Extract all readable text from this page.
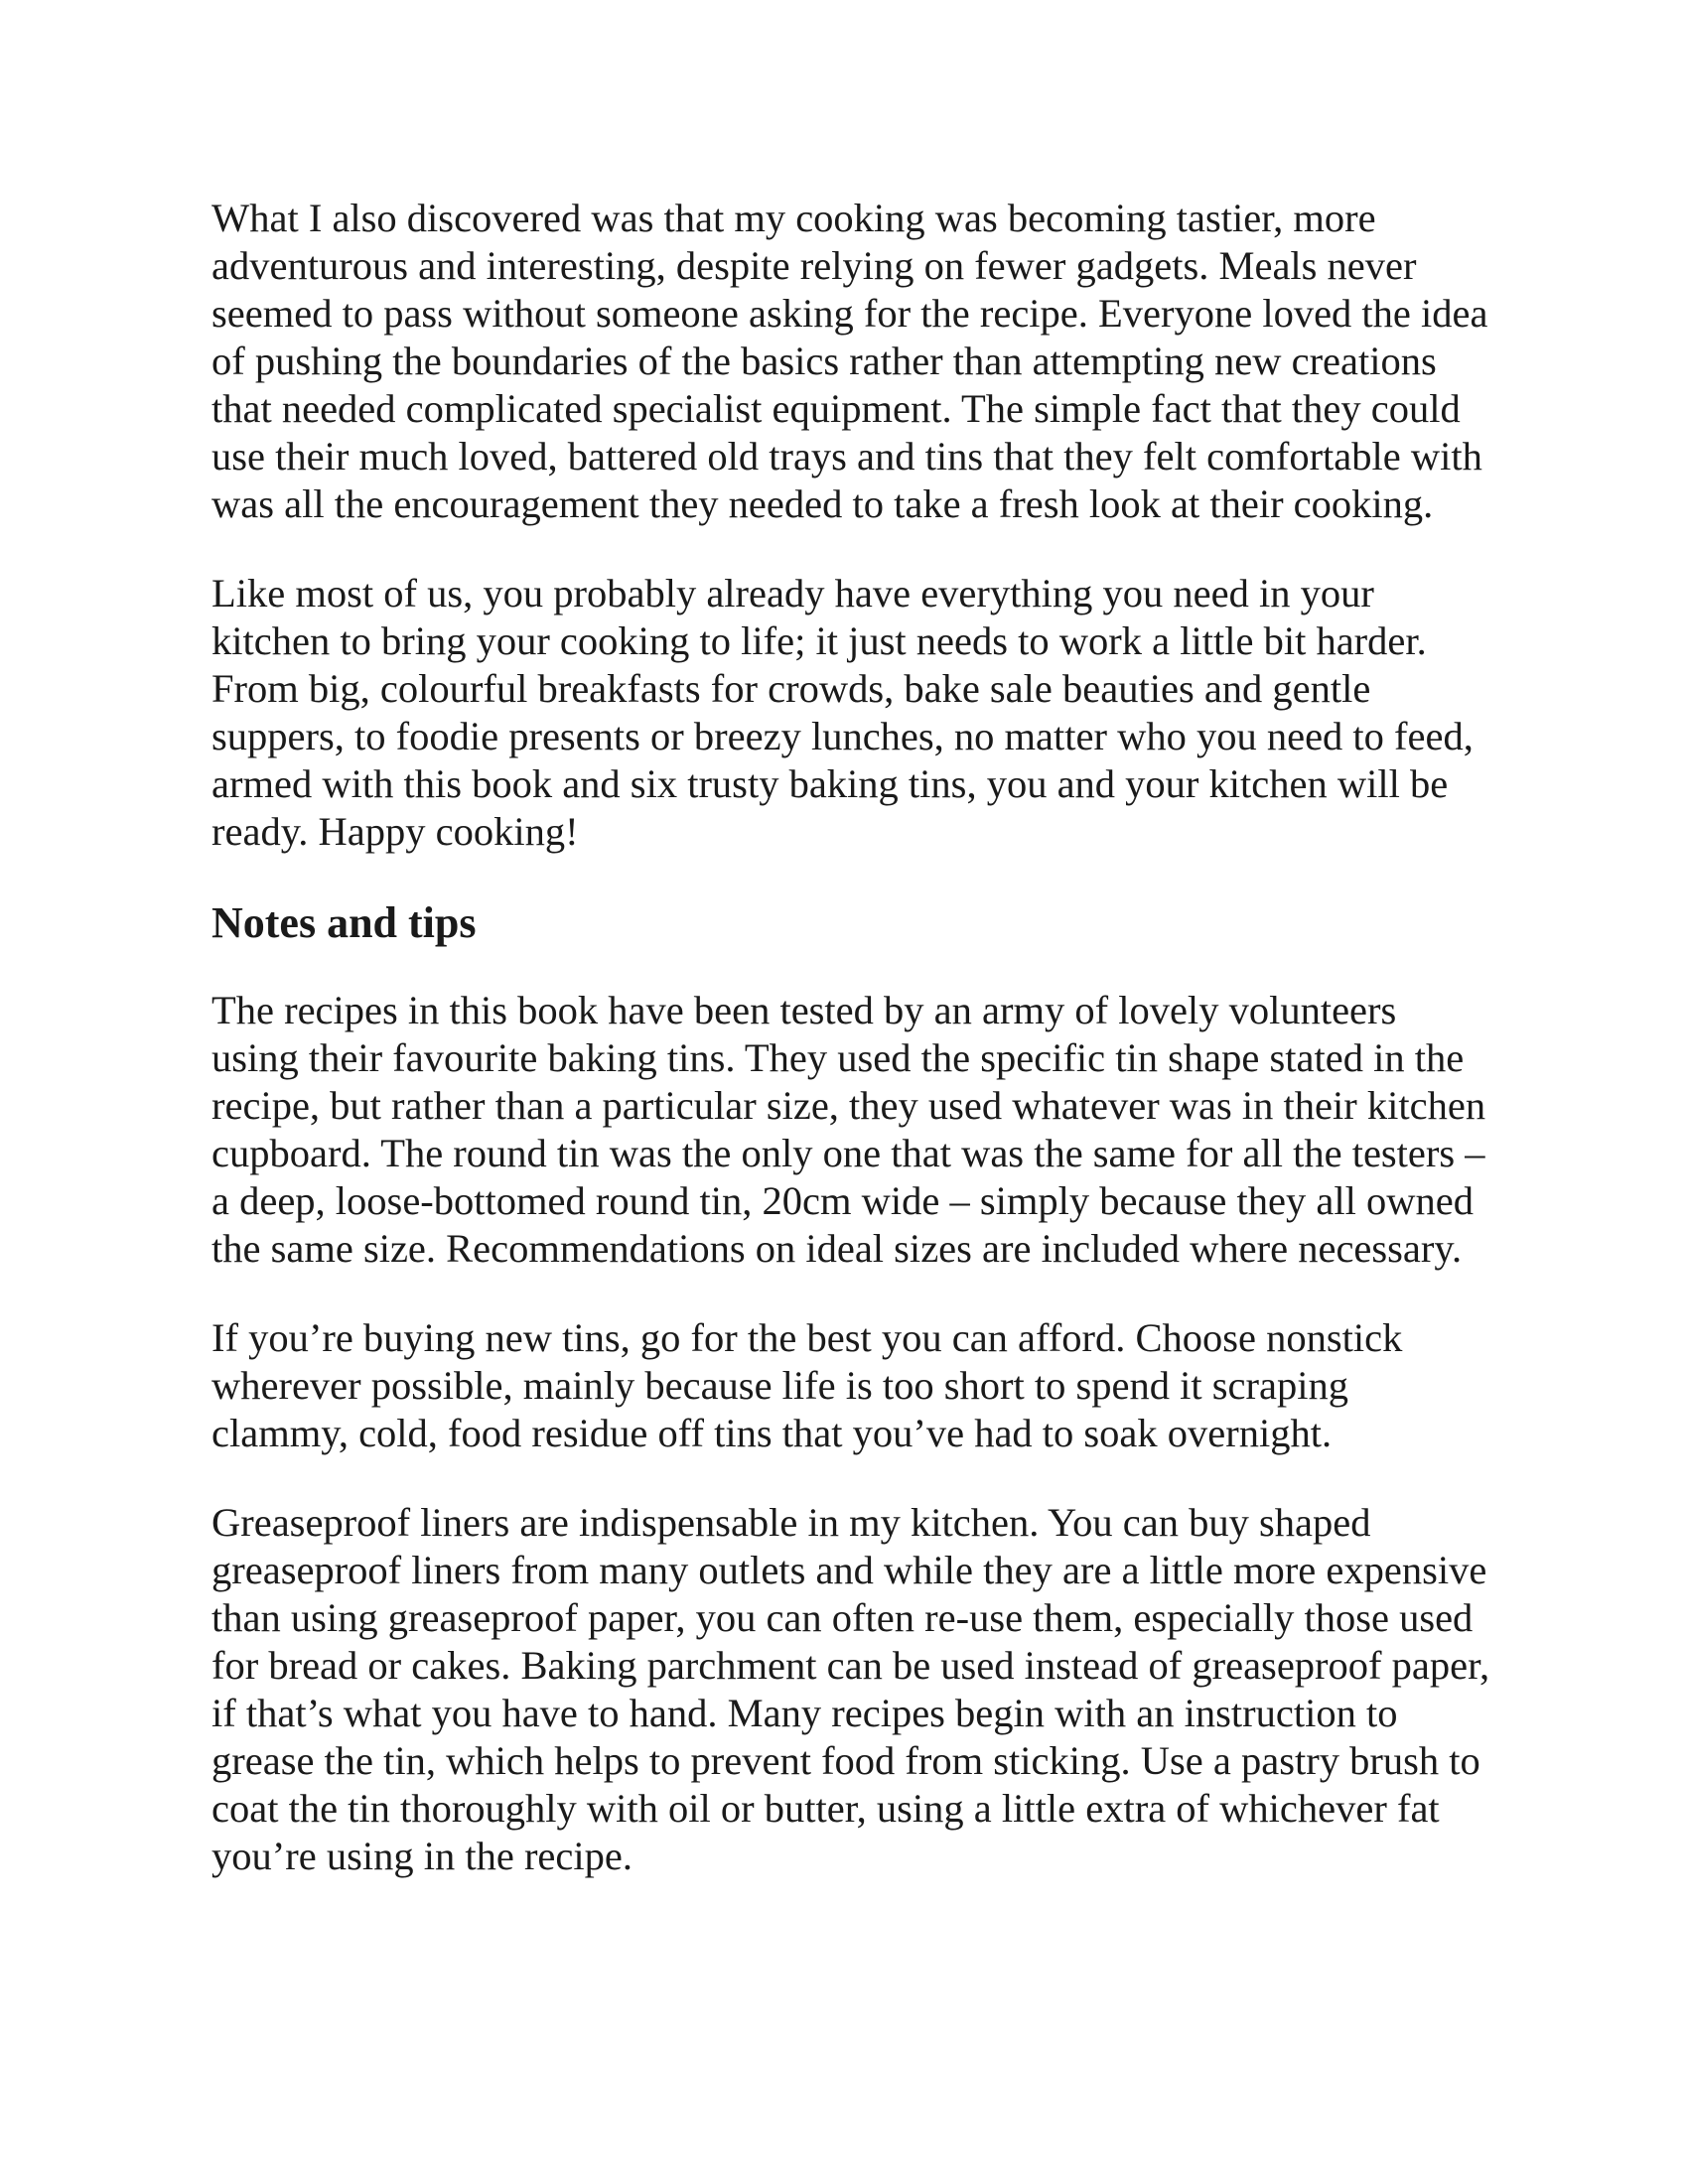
What I also discovered was that my cooking was becoming tastier, more adventurous and interesting, despite relying on fewer gadgets. Meals never seemed to pass without someone asking for the recipe. Everyone loved the idea of pushing the boundaries of the basics rather than attempting new creations that needed complicated specialist equipment. The simple fact that they could use their much loved, battered old trays and tins that they felt comfortable with was all the encouragement they needed to take a fresh look at their cooking.

Like most of us, you probably already have everything you need in your kitchen to bring your cooking to life; it just needs to work a little bit harder. From big, colourful breakfasts for crowds, bake sale beauties and gentle suppers, to foodie presents or breezy lunches, no matter who you need to feed, armed with this book and six trusty baking tins, you and your kitchen will be ready. Happy cooking!

Notes and tips

The recipes in this book have been tested by an army of lovely volunteers using their favourite baking tins. They used the specific tin shape stated in the recipe, but rather than a particular size, they used whatever was in their kitchen cupboard. The round tin was the only one that was the same for all the testers – a deep, loose-bottomed round tin, 20cm wide – simply because they all owned the same size. Recommendations on ideal sizes are included where necessary.

If you’re buying new tins, go for the best you can afford. Choose nonstick wherever possible, mainly because life is too short to spend it scraping clammy, cold, food residue off tins that you’ve had to soak overnight.

Greaseproof liners are indispensable in my kitchen. You can buy shaped greaseproof liners from many outlets and while they are a little more expensive than using greaseproof paper, you can often re-use them, especially those used for bread or cakes. Baking parchment can be used instead of greaseproof paper, if that’s what you have to hand. Many recipes begin with an instruction to grease the tin, which helps to prevent food from sticking. Use a pastry brush to coat the tin thoroughly with oil or butter, using a little extra of whichever fat you’re using in the recipe.
